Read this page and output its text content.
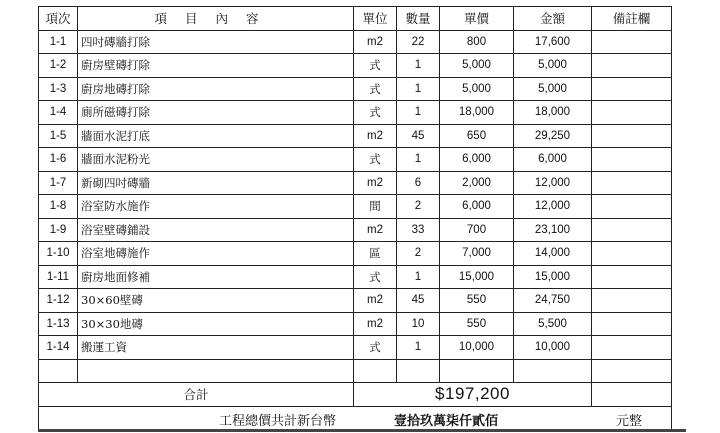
項次	項目內容	單位	數量	單價	金額	備註欄
1-1	四吋磚牆打除	m2	22	800	17,600	
1-2	廚房壁磚打除	式	1	5,000	5,000	
1-3	廚房地磚打除	式	1	5,000	5,000	
1-4	廁所磁磚打除	式	1	18,000	18,000	
1-5	牆面水泥打底	m2	45	650	29,250	
1-6	牆面水泥粉光	式	1	6,000	6,000	
1-7	新砌四吋磚牆	m2	6	2,000	12,000	
1-8	浴室防水施作	間	2	6,000	12,000	
1-9	浴室壁磚鋪設	m2	33	700	23,100	
1-10	浴室地磚施作	區	2	7,000	14,000	
1-11	廚房地面修補	式	1	15,000	15,000	
1-12	30×60壁磚	m2	45	550	24,750	
1-13	30×30地磚	m2	10	550	5,500	
1-14	搬運工資	式	1	10,000	10,000	

合計		$197,200				

工程總價共計新台幣 壹拾玖萬柒仟貳佰 元整						
